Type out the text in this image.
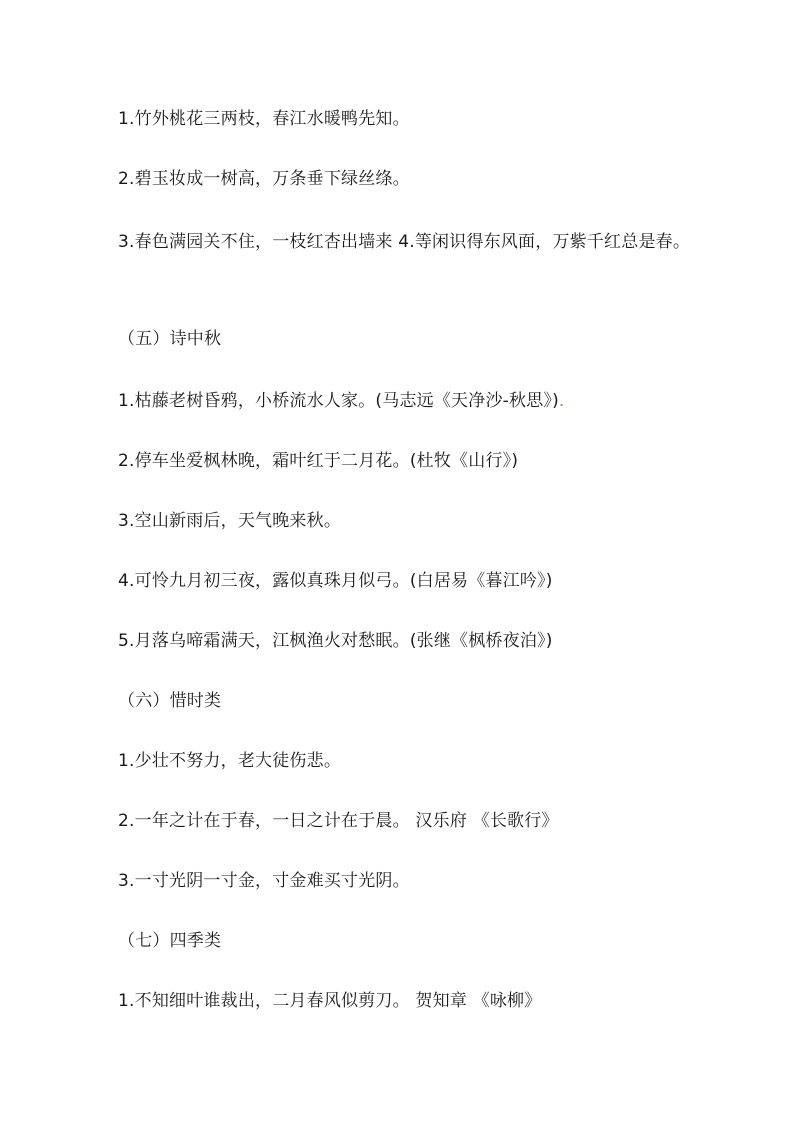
1.竹外桃花三两枝，春江水暖鸭先知。
2.碧玉妆成一树高，万条垂下绿丝绦。
3.春色满园关不住，一枝红杏出墙来 4.等闲识得东风面，万紫千红总是春。
（五）诗中秋
1.枯藤老树昏鸦，小桥流水人家。(马志远《天净沙-秋思》).
2.停车坐爱枫林晚，霜叶红于二月花。(杜牧《山行》)
3.空山新雨后，天气晚来秋。
4.可怜九月初三夜，露似真珠月似弓。(白居易《暮江吟》)
5.月落乌啼霜满天，江枫渔火对愁眠。(张继《枫桥夜泊》)
（六）惜时类
1.少壮不努力，老大徒伤悲。
2.一年之计在于春，一日之计在于晨。 汉乐府 《长歌行》
3.一寸光阴一寸金，寸金难买寸光阴。
（七）四季类
1.不知细叶谁裁出，二月春风似剪刀。 贺知章 《咏柳》
